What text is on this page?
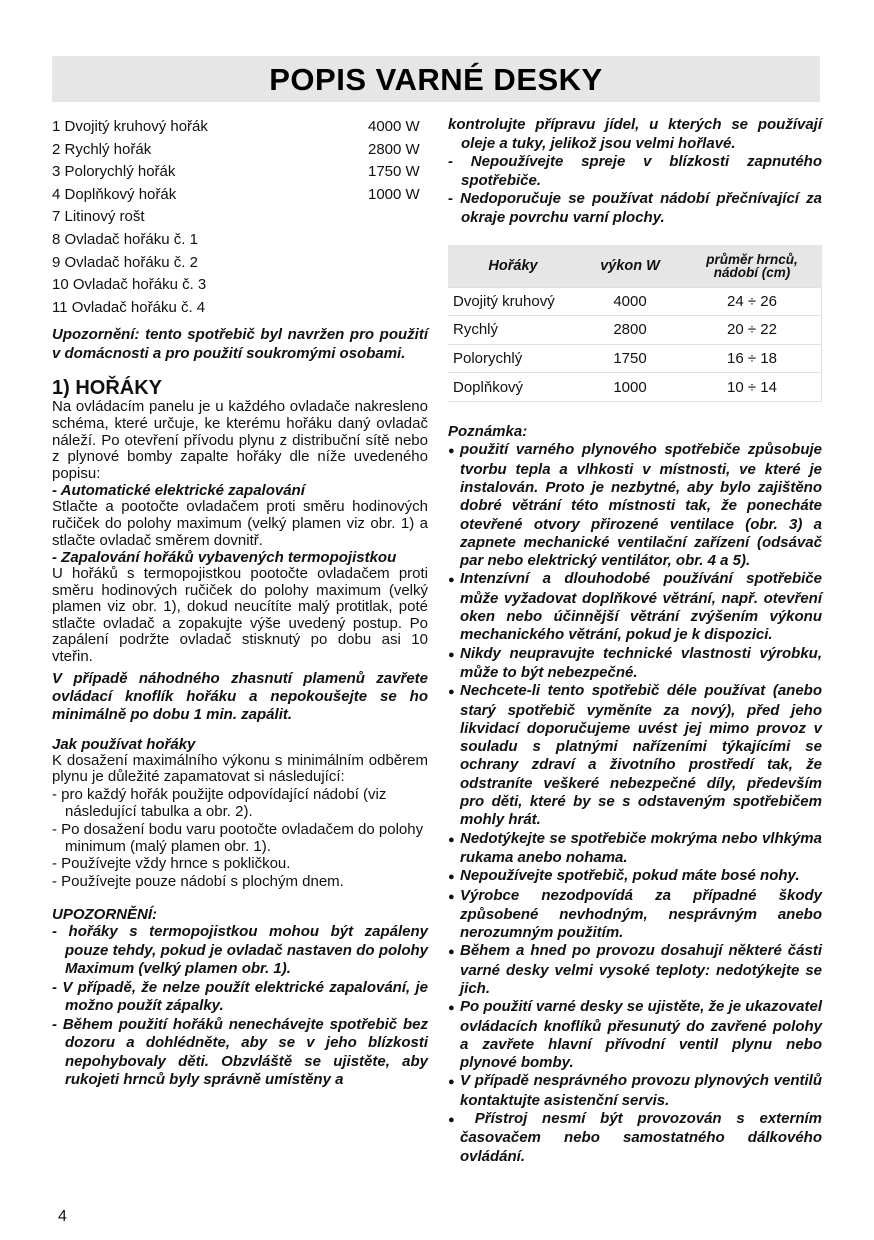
POPIS VARNÉ DESKY
1 Dvojitý kruhový hořák	4000 W
2 Rychlý hořák	2800 W
3 Polorychlý hořák	1750 W
4 Doplňkový hořák	1000 W
7 Litinový rošt
8 Ovladač hořáku č. 1
9 Ovladač hořáku č. 2
10 Ovladač hořáku č. 3
11 Ovladač hořáku č. 4

Upozornění: tento spotřebič byl navržen pro použití v domácnosti a pro použití soukromými osobami.

1) HOŘÁKY

Na ovládacím panelu je u každého ovladače nakresleno schéma, které určuje, ke kterému hořáku daný ovladač náleží. Po otevření přívodu plynu z distribuční sítě nebo z plynové bomby zapalte hořáky dle níže uvedeného popisu:

- Automatické elektrické zapalování

Stlačte a pootočte ovladačem proti směru hodinových ručiček do polohy maximum (velký plamen viz obr. 1) a stlačte ovladač směrem dovnitř.

- Zapalování hořáků vybavených termopojistkou

U hořáků s termopojistkou pootočte ovladačem proti směru hodinových ručiček do polohy maximum (velký plamen viz obr. 1), dokud neucítíte malý protitlak, poté stlačte ovladač a zopakujte výše uvedený postup. Po zapálení podržte ovladač stisknutý po dobu asi 10 vteřin.

V případě náhodného zhasnutí plamenů zavřete ovládací knoflík hořáku a nepokoušejte se ho minimálně po dobu 1 min. zapálit.

Jak používat hořáky

K dosažení maximálního výkonu s minimálním odběrem plynu je důležité zapamatovat si následující:

- pro každý hořák použijte odpovídající nádobí (viz následující tabulka a obr. 2).
- Po dosažení bodu varu pootočte ovladačem do polohy minimum (malý plamen obr. 1).
- Používejte vždy hrnce s pokličkou.
- Používejte pouze nádobí s plochým dnem.

UPOZORNĚNÍ:

- hořáky s termopojistkou mohou být zapáleny pouze tehdy, pokud je ovladač nastaven do polohy Maximum (velký plamen obr. 1).
- V případě, že nelze použít elektrické zapalování, je možno použít zápalky.
- Během použití hořáků nenechávejte spotřebič bez dozoru a dohlédněte, aby se v jeho blízkosti nepohybovaly děti. Obzvláště se ujistěte, aby rukojeti hrnců byly správně umístěny a
kontrolujte přípravu jídel, u kterých se používají oleje a tuky, jelikož jsou velmi hořlavé.
- Nepoužívejte spreje v blízkosti zapnutého spotřebiče.
- Nedoporučuje se používat nádobí přečnívající za okraje povrchu varní plochy.
Hořáky	výkon W	průměr hrnců,
nádobí (cm)

Dvojitý kruhový	4000	24 ÷ 26
Rychlý	2800	20 ÷ 22
Polorychlý	1750	16 ÷ 18
Doplňkový	1000	10 ÷ 14

Poznámka:

● použití varného plynového spotřebiče způsobuje tvorbu tepla a vlhkosti v místnosti, ve které je instalován. Proto je nezbytné, aby bylo zajištěno dobré větrání této místnosti tak, že ponecháte otevřené otvory přirozené ventilace (obr. 3) a zapnete mechanické ventilační zařízení (odsávač par nebo elektrický ventilátor, obr. 4 a 5).
● Intenzívní a dlouhodobé používání spotřebiče může vyžadovat doplňkové větrání, např. otevření oken nebo účinnější větrání zvýšením výkonu mechanického větrání, pokud je k dispozici.
● Nikdy neupravujte technické vlastnosti výrobku, může to být nebezpečné.
● Nechcete-li tento spotřebič déle používat (anebo starý spotřebič vyměníte za nový), před jeho likvidací doporučujeme uvést jej mimo provoz v souladu s platnými nařízeními týkajícími se ochrany zdraví a životního prostředí tak, že odstraníte veškeré nebezpečné díly, především pro děti, které by se s odstaveným spotřebičem mohly hrát.
● Nedotýkejte se spotřebiče mokrýma nebo vlhkýma rukama anebo nohama.
● Nepoužívejte spotřebič, pokud máte bosé nohy.
● Výrobce nezodpovídá za případné škody způsobené nevhodným, nesprávným anebo nerozumným použitím.
● Během a hned po provozu dosahují některé části varné desky velmi vysoké teploty: nedotýkejte se jich.
● Po použití varné desky se ujistěte, že je ukazovatel ovládacích knoflíků přesunutý do zavřené polohy a zavřete hlavní přívodní ventil plynu nebo plynové bomby.
● V případě nesprávného provozu plynových ventilů kontaktujte asistenční servis.
● Přístroj nesmí být provozován s externím časovačem nebo samostatného dálkového ovládání.
4
